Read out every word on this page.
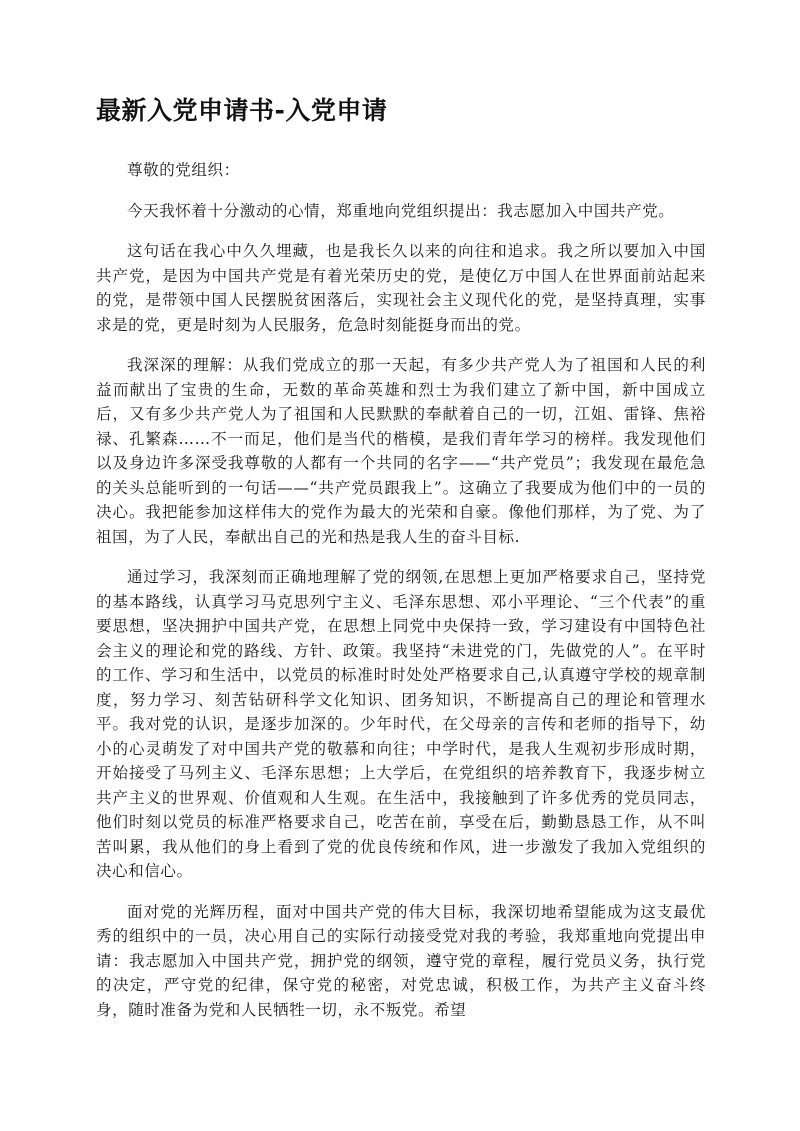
最新入党申请书-入党申请

尊敬的党组织：

今天我怀着十分激动的心情，郑重地向党组织提出：我志愿加入中国共产党。

这句话在我心中久久埋藏，也是我长久以来的向往和追求。我之所以要加入中国共产党，是因为中国共产党是有着光荣历史的党，是使亿万中国人在世界面前站起来的党，是带领中国人民摆脱贫困落后，实现社会主义现代化的党，是坚持真理，实事求是的党，更是时刻为人民服务，危急时刻能挺身而出的党。

我深深的理解：从我们党成立的那一天起，有多少共产党人为了祖国和人民的利益而献出了宝贵的生命，无数的革命英雄和烈士为我们建立了新中国，新中国成立后，又有多少共产党人为了祖国和人民默默的奉献着自己的一切，江姐、雷锋、焦裕禄、孔繁森……不一而足，他们是当代的楷模，是我们青年学习的榜样。我发现他们以及身边许多深受我尊敬的人都有一个共同的名字——“共产党员”；我发现在最危急的关头总能听到的一句话——“共产党员跟我上”。这确立了我要成为他们中的一员的决心。我把能参加这样伟大的党作为最大的光荣和自豪。像他们那样，为了党、为了祖国，为了人民，奉献出自己的光和热是我人生的奋斗目标.

通过学习，我深刻而正确地理解了党的纲领,在思想上更加严格要求自己，坚持党的基本路线，认真学习马克思列宁主义、毛泽东思想、邓小平理论、“三个代表”的重要思想，坚决拥护中国共产党，在思想上同党中央保持一致，学习建设有中国特色社会主义的理论和党的路线、方针、政策。我坚持“未进党的门，先做党的人”。在平时的工作、学习和生活中，以党员的标准时时处处严格要求自己,认真遵守学校的规章制度，努力学习、刻苦钻研科学文化知识、团务知识，不断提高自己的理论和管理水平。我对党的认识，是逐步加深的。少年时代，在父母亲的言传和老师的指导下，幼小的心灵萌发了对中国共产党的敬慕和向往；中学时代，是我人生观初步形成时期，开始接受了马列主义、毛泽东思想；上大学后，在党组织的培养教育下，我逐步树立共产主义的世界观、价值观和人生观。在生活中，我接触到了许多优秀的党员同志，他们时刻以党员的标准严格要求自己，吃苦在前，享受在后，勤勤恳恳工作，从不叫苦叫累，我从他们的身上看到了党的优良传统和作风，进一步激发了我加入党组织的决心和信心。

面对党的光辉历程，面对中国共产党的伟大目标，我深切地希望能成为这支最优秀的组织中的一员，决心用自己的实际行动接受党对我的考验，我郑重地向党提出申请：我志愿加入中国共产党，拥护党的纲领，遵守党的章程，履行党员义务，执行党的决定，严守党的纪律，保守党的秘密，对党忠诚，积极工作，为共产主义奋斗终身，随时准备为党和人民牺牲一切，永不叛党。希望
